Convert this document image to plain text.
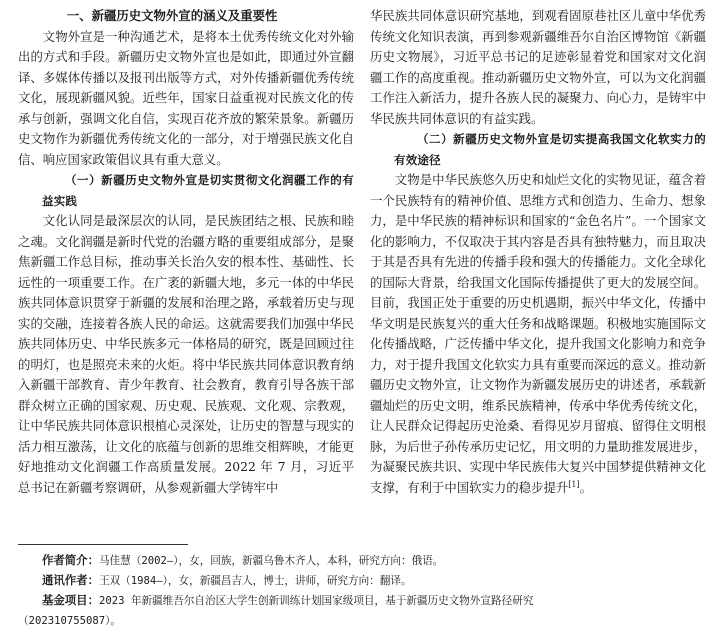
一、新疆历史文物外宣的涵义及重要性

文物外宣是一种沟通艺术，是将本土优秀传统文化对外输出的方式和手段。新疆历史文物外宣也是如此，即通过外宣翻译、多媒体传播以及报刊出版等方式，对外传播新疆优秀传统文化，展现新疆风貌。近些年，国家日益重视对民族文化的传承与创新，强调文化自信，实现百花齐放的繁荣景象。新疆历史文物作为新疆优秀传统文化的一部分，对于增强民族文化自信、响应国家政策倡议具有重大意义。

（一）新疆历史文物外宣是切实贯彻文化润疆工作的有益实践

文化认同是最深层次的认同，是民族团结之根、民族和睦之魂。文化润疆是新时代党的治疆方略的重要组成部分，是聚焦新疆工作总目标，推动事关长治久安的根本性、基础性、长远性的一项重要工作。在广袤的新疆大地，多元一体的中华民族共同体意识贯穿于新疆的发展和治理之路，承载着历史与现实的交融，连接着各族人民的命运。这就需要我们加强中华民族共同体历史、中华民族多元一体格局的研究，既是回顾过往的明灯，也是照亮未来的火炬。将中华民族共同体意识教育纳入新疆干部教育、青少年教育、社会教育，教育引导各族干部群众树立正确的国家观、历史观、民族观、文化观、宗教观，让中华民族共同体意识根植心灵深处，让历史的智慧与现实的活力相互激荡，让文化的底蕴与创新的思维交相辉映，才能更好地推动文化润疆工作高质量发展。2022 年 7 月，习近平总书记在新疆考察调研，从参观新疆大学铸牢中

华民族共同体意识研究基地，到观看固原巷社区儿童中华优秀传统文化知识表演，再到参观新疆维吾尔自治区博物馆《新疆历史文物展》，习近平总书记的足迹彰显着党和国家对文化润疆工作的高度重视。推动新疆历史文物外宣，可以为文化润疆工作注入新活力，提升各族人民的凝聚力、向心力，是铸牢中华民族共同体意识的有益实践。

（二）新疆历史文物外宣是切实提高我国文化软实力的有效途径

文物是中华民族悠久历史和灿烂文化的实物见证，蕴含着一个民族特有的精神价值、思维方式和创造力、生命力、想象力，是中华民族的精神标识和国家的“金色名片”。一个国家文化的影响力，不仅取决于其内容是否具有独特魅力，而且取决于其是否具有先进的传播手段和强大的传播能力。文化全球化的国际大背景，给我国文化国际传播提供了更大的发展空间。目前，我国正处于重要的历史机遇期，振兴中华文化，传播中华文明是民族复兴的重大任务和战略课题。积极地实施国际文化传播战略，广泛传播中华文化，提升我国文化影响力和竞争力，对于提升我国文化软实力具有重要而深远的意义。推动新疆历史文物外宣，让文物作为新疆发展历史的讲述者，承载新疆灿烂的历史文明，维系民族精神，传承中华优秀传统文化，让人民群众记得起历史沧桑、看得见岁月留痕、留得住文明根脉，为后世子孙传承历史记忆，用文明的力量助推发展进步，为凝聚民族共识、实现中华民族伟大复兴中国梦提供精神文化支撑，有利于中国软实力的稳步提升[1]。

作者简介：马佳慧（2002—），女，回族，新疆乌鲁木齐人，本科，研究方向：俄语。

通讯作者：王双（1984—），女，新疆昌吉人，博士，讲师，研究方向：翻译。

基金项目：2023 年新疆维吾尔自治区大学生创新训练计划国家级项目，基于新疆历史文物外宣路径研究

（202310755087）。
